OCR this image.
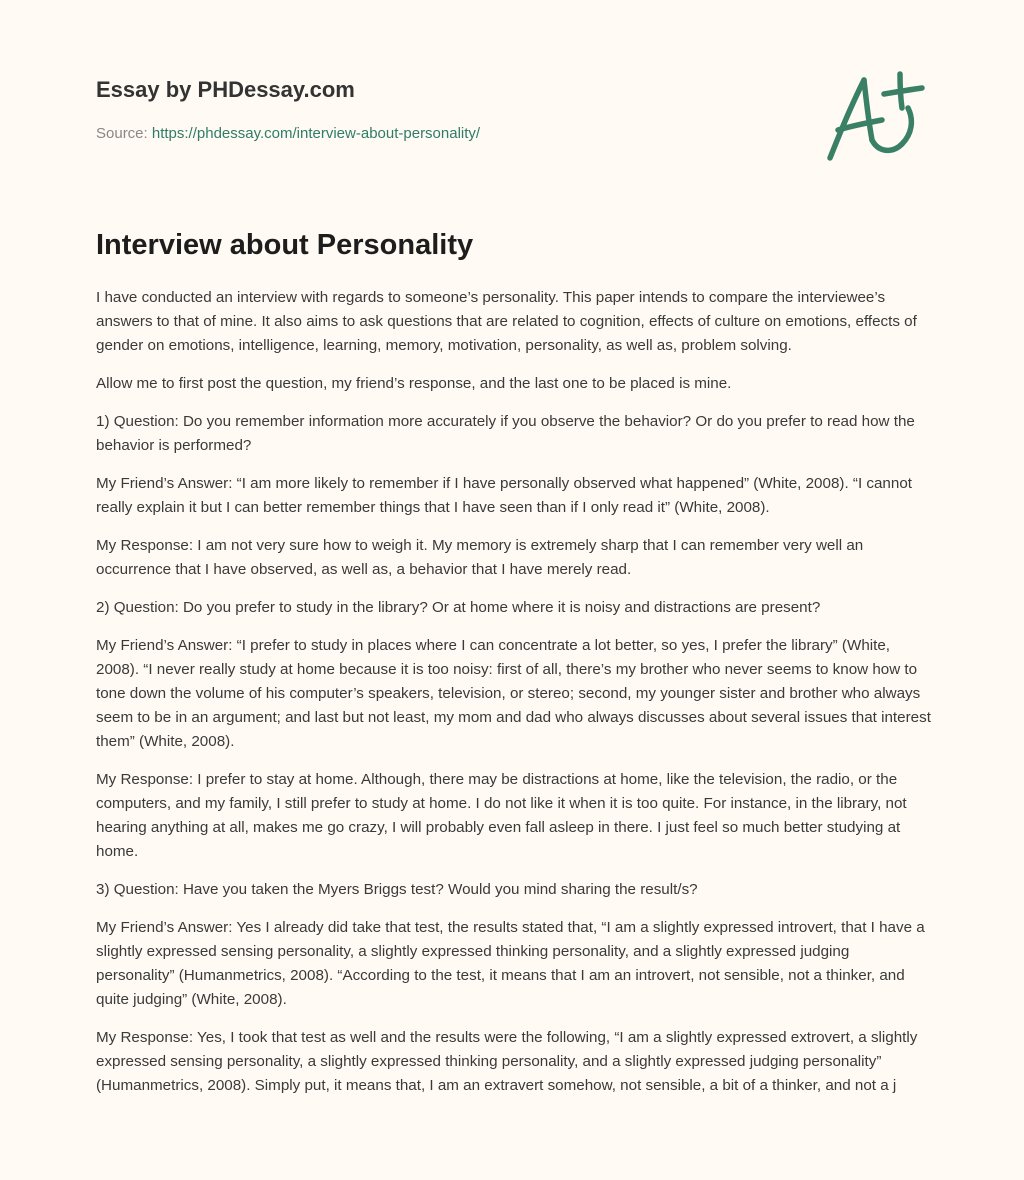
Essay by PHDessay.com
Source: https://phdessay.com/interview-about-personality/
Interview about Personality

I have conducted an interview with regards to someone’s personality. This paper intends to compare the interviewee’s answers to that of mine. It also aims to ask questions that are related to cognition, effects of culture on emotions, effects of gender on emotions, intelligence, learning, memory, motivation, personality, as well as, problem solving.

Allow me to first post the question, my friend’s response, and the last one to be placed is mine.

1) Question: Do you remember information more accurately if you observe the behavior? Or do you prefer to read how the behavior is performed?

My Friend’s Answer: “I am more likely to remember if I have personally observed what happened” (White, 2008). “I cannot really explain it but I can better remember things that I have seen than if I only read it” (White, 2008).

My Response: I am not very sure how to weigh it. My memory is extremely sharp that I can remember very well an occurrence that I have observed, as well as, a behavior that I have merely read.

2) Question: Do you prefer to study in the library? Or at home where it is noisy and distractions are present?

My Friend’s Answer: “I prefer to study in places where I can concentrate a lot better, so yes, I prefer the library” (White, 2008). “I never really study at home because it is too noisy: first of all, there’s my brother who never seems to know how to tone down the volume of his computer’s speakers, television, or stereo; second, my younger sister and brother who always seem to be in an argument; and last but not least, my mom and dad who always discusses about several issues that interest them” (White, 2008).

My Response: I prefer to stay at home. Although, there may be distractions at home, like the television, the radio, or the computers, and my family, I still prefer to study at home. I do not like it when it is too quite. For instance, in the library, not hearing anything at all, makes me go crazy, I will probably even fall asleep in there. I just feel so much better studying at home.

3) Question: Have you taken the Myers Briggs test? Would you mind sharing the result/s?

My Friend’s Answer: Yes I already did take that test, the results stated that, “I am a slightly expressed introvert, that I have a slightly expressed sensing personality, a slightly expressed thinking personality, and a slightly expressed judging personality” (Humanmetrics, 2008). “According to the test, it means that I am an introvert, not sensible, not a thinker, and quite judging” (White, 2008).

My Response: Yes, I took that test as well and the results were the following, “I am a slightly expressed extrovert, a slightly expressed sensing personality, a slightly expressed thinking personality, and a slightly expressed judging personality” (Humanmetrics, 2008). Simply put, it means that, I am an extravert somehow, not sensible, a bit of a thinker, and not a j
